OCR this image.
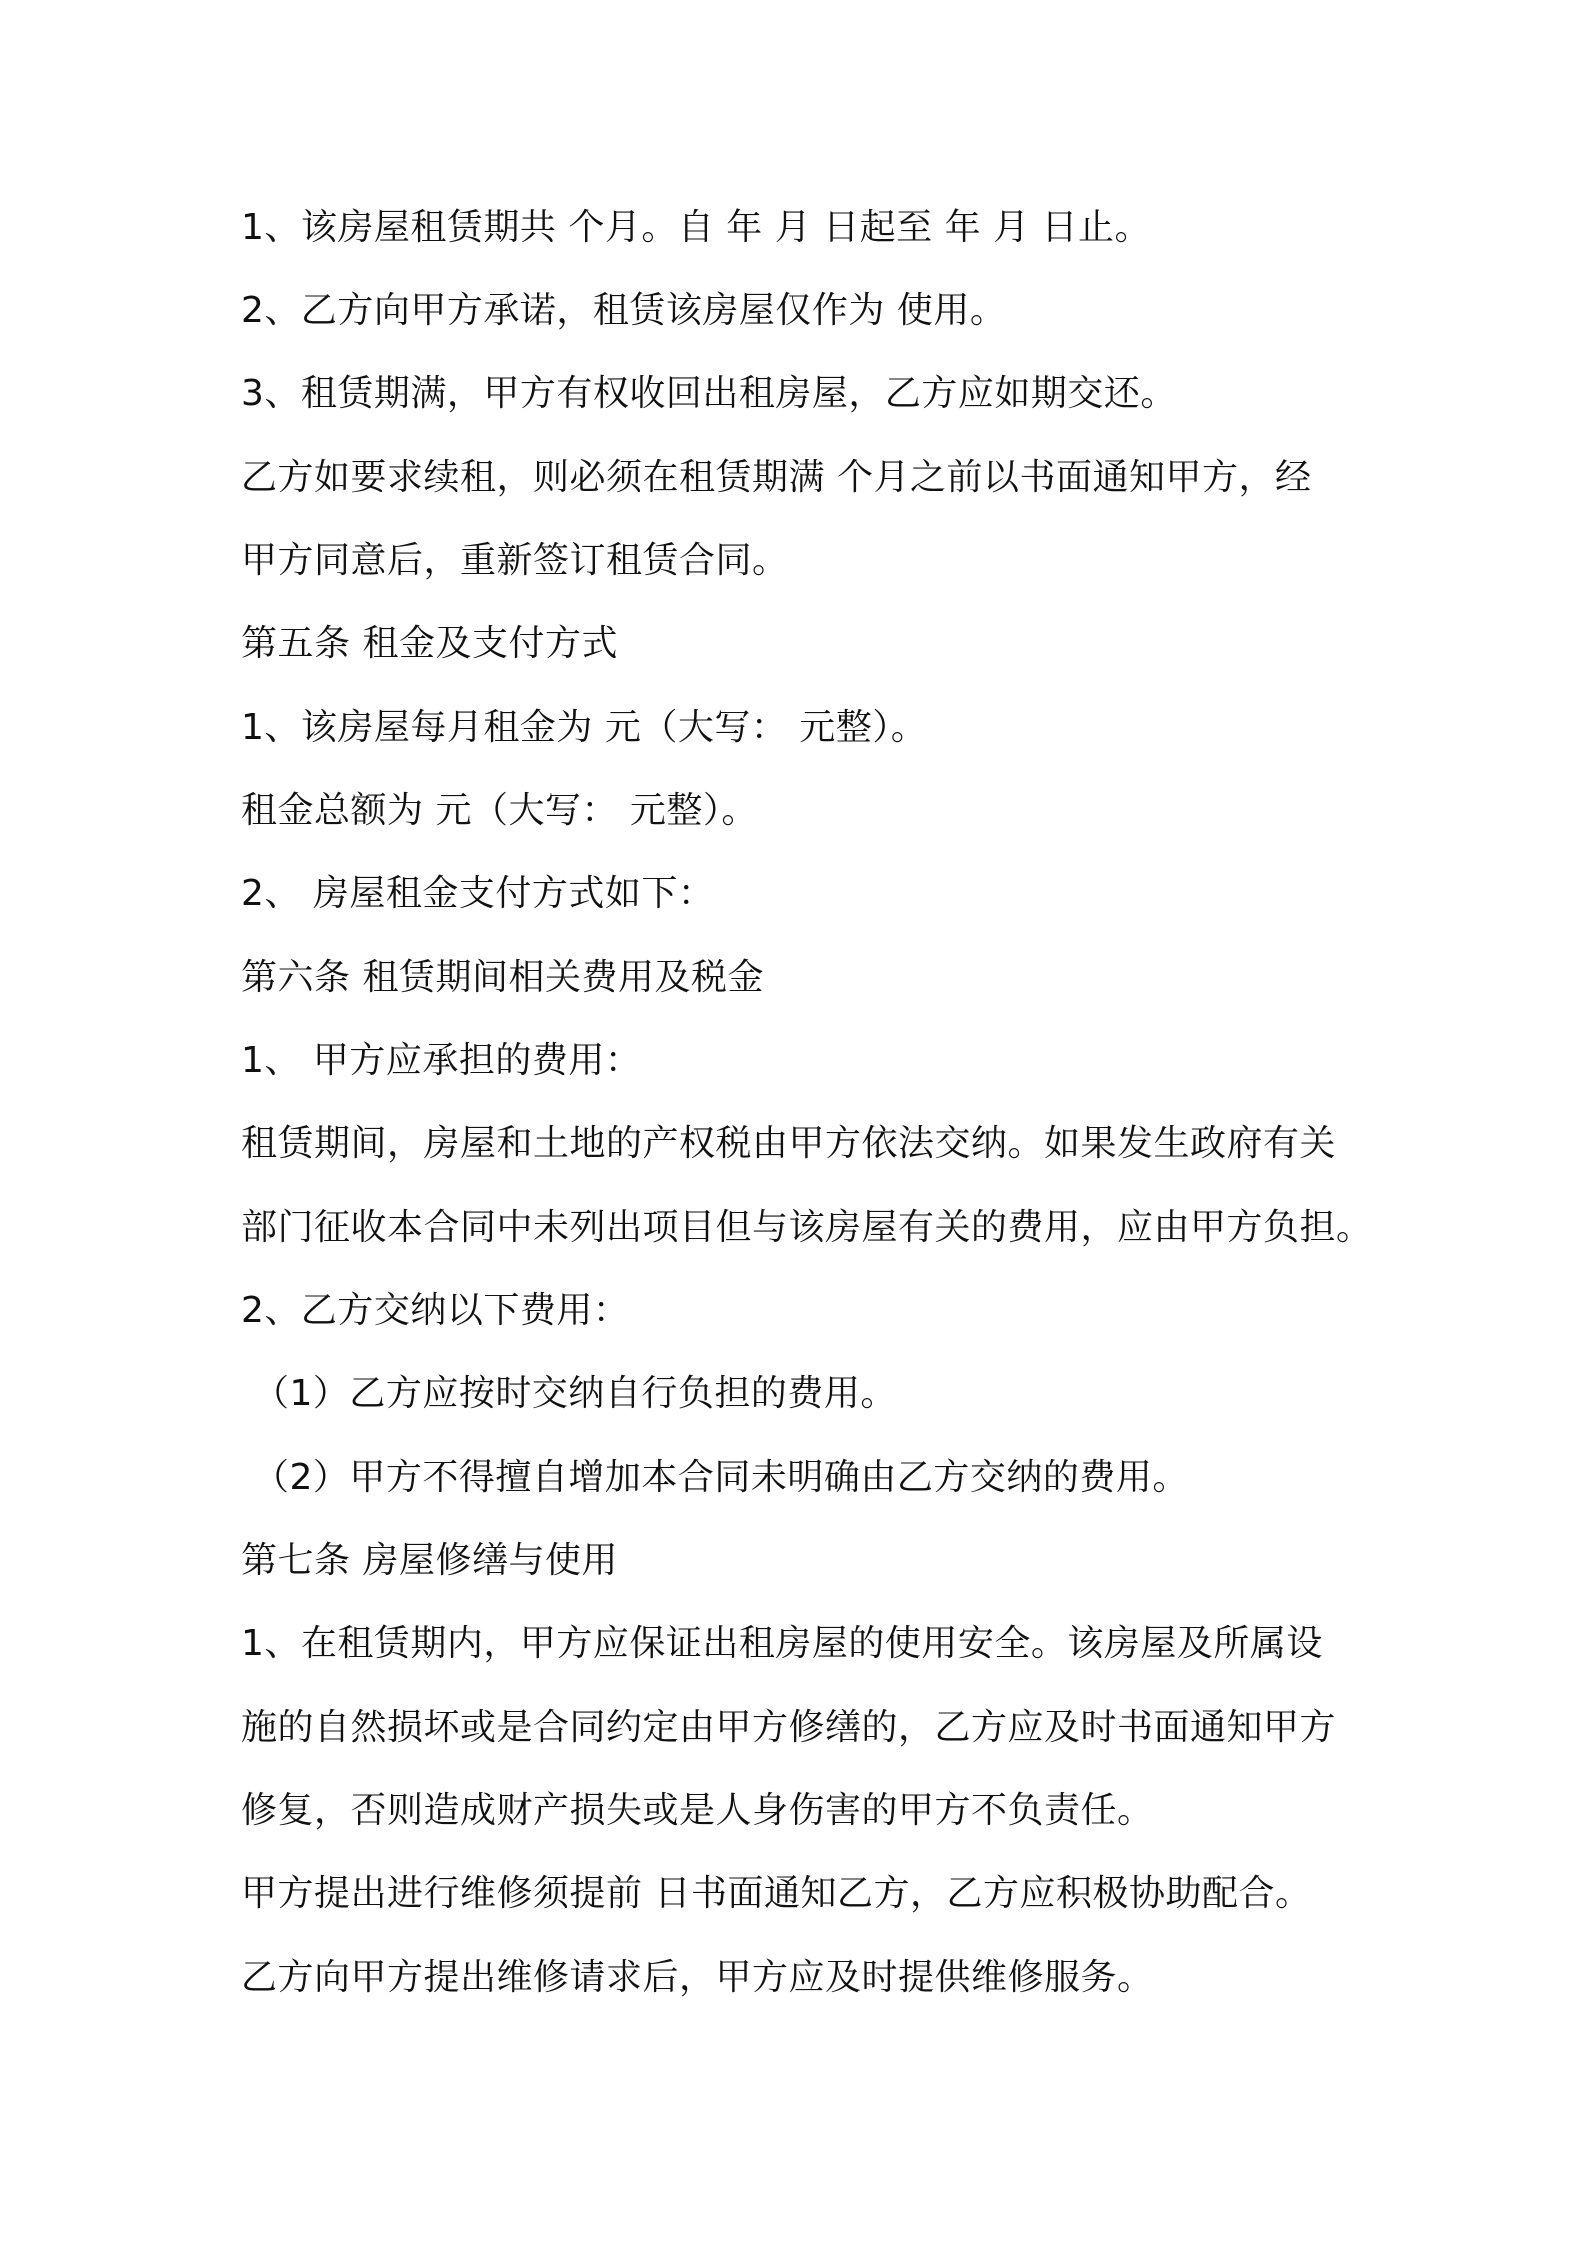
1、该房屋租赁期共 个月。自 年 月 日起至 年 月 日止。
2、乙方向甲方承诺，租赁该房屋仅作为 使用。
3、租赁期满，甲方有权收回出租房屋，乙方应如期交还。
乙方如要求续租，则必须在租赁期满 个月之前以书面通知甲方，经
甲方同意后，重新签订租赁合同。
第五条 租金及支付方式
1、该房屋每月租金为 元（大写： 元整）。
租金总额为 元（大写： 元整）。
2、 房屋租金支付方式如下：
第六条 租赁期间相关费用及税金
1、 甲方应承担的费用：
租赁期间，房屋和土地的产权税由甲方依法交纳。如果发生政府有关
部门征收本合同中未列出项目但与该房屋有关的费用，应由甲方负担。
2、乙方交纳以下费用：
（1）乙方应按时交纳自行负担的费用。
（2）甲方不得擅自增加本合同未明确由乙方交纳的费用。
第七条 房屋修缮与使用
1、在租赁期内，甲方应保证出租房屋的使用安全。该房屋及所属设
施的自然损坏或是合同约定由甲方修缮的，乙方应及时书面通知甲方
修复，否则造成财产损失或是人身伤害的甲方不负责任。
甲方提出进行维修须提前 日书面通知乙方，乙方应积极协助配合。
乙方向甲方提出维修请求后，甲方应及时提供维修服务。
